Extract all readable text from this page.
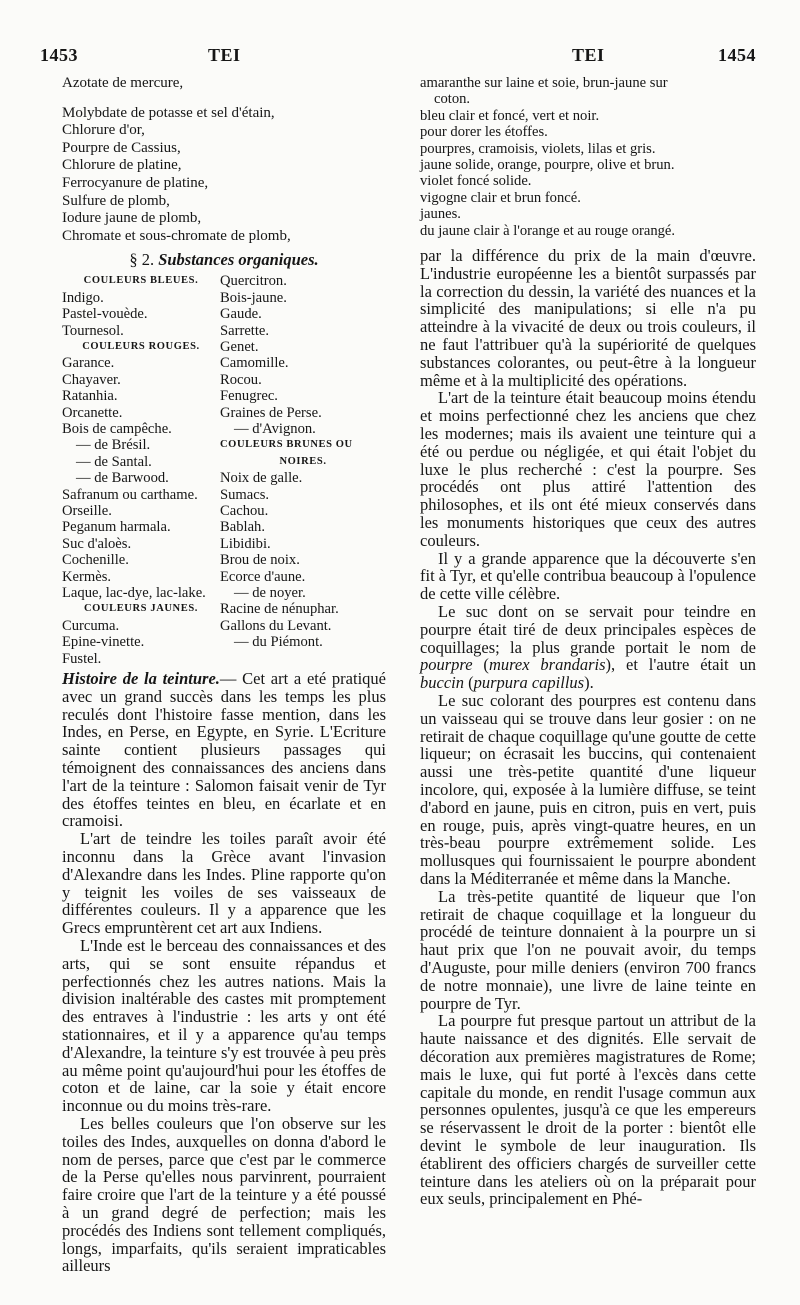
1453	TEI	TEI	1454
Azotate de mercure,
Molybdate de potasse et sel d'étain,
Chlorure d'or,
Pourpre de Cassius,
Chlorure de platine,
Ferrocyanure de platine,
Sulfure de plomb,
Iodure jaune de plomb,
Chromate et sous-chromate de plomb,
§ 2. Substances organiques.
COULEURS BLEUES.
Indigo.
Pastel-vouède.
Tournesol.
COULEURS ROUGES.
Garance.
Chayaver.
Ratanhia.
Orcanette.
Bois de campêche.
— de Brésil.
— de Santal.
— de Barwood.
Safranum ou carthame.
Orseille.
Peganum harmala.
Suc d'aloès.
Cochenille.
Kermès.
Laque, lac-dye, lac-lake.
COULEURS JAUNES.
Curcuma.
Epine-vinette.
Fustel.
Quercitron.
Bois-jaune.
Gaude.
Sarrette.
Genet.
Camomille.
Rocou.
Fenugrec.
Graines de Perse.
— d'Avignon.
COULEURS BRUNES OU
NOIRES.
Noix de galle.
Sumacs.
Cachou.
Bablah.
Libidibi.
Brou de noix.
Ecorce d'aune.
— de noyer.
Racine de nénuphar.
Gallons du Levant.
— du Piémont.

Histoire de la teinture.— Cet art a eté pratiqué avec un grand succès dans les temps les plus reculés dont l'histoire fasse mention, dans les Indes, en Perse, en Egypte, en Syrie. L'Ecriture sainte contient plusieurs passages qui témoignent des connaissances des anciens dans l'art de la teinture : Salomon faisait venir de Tyr des étoffes teintes en bleu, en écarlate et en cramoisi.

L'art de teindre les toiles paraît avoir été inconnu dans la Grèce avant l'invasion d'Alexandre dans les Indes. Pline rapporte qu'on y teignit les voiles de ses vaisseaux de différentes couleurs. Il y a apparence que les Grecs empruntèrent cet art aux Indiens.

L'Inde est le berceau des connaissances et des arts, qui se sont ensuite répandus et perfectionnés chez les autres nations. Mais la division inaltérable des castes mit promptement des entraves à l'industrie : les arts y ont été stationnaires, et il y a apparence qu'au temps d'Alexandre, la teinture s'y est trouvée à peu près au même point qu'aujourd'hui pour les étoffes de coton et de laine, car la soie y était encore inconnue ou du moins très-rare.

Les belles couleurs que l'on observe sur les toiles des Indes, auxquelles on donna d'abord le nom de perses, parce que c'est par le commerce de la Perse qu'elles nous parvinrent, pourraient faire croire que l'art de la teinture y a été poussé à un grand degré de perfection; mais les procédés des Indiens sont tellement compliqués, longs, imparfaits, qu'ils seraient impraticables ailleurs

amaranthe sur laine et soie, brun-jaune sur
coton.
bleu clair et foncé, vert et noir.
pour dorer les étoffes.
pourpres, cramoisis, violets, lilas et gris.
jaune solide, orange, pourpre, olive et brun.
violet foncé solide.
vigogne clair et brun foncé.
jaunes.
du jaune clair à l'orange et au rouge orangé.

par la différence du prix de la main d'œuvre. L'industrie européenne les a bientôt surpassés par la correction du dessin, la variété des nuances et la simplicité des manipulations; si elle n'a pu atteindre à la vivacité de deux ou trois couleurs, il ne faut l'attribuer qu'à la supériorité de quelques substances colorantes, ou peut-être à la longueur même et à la multiplicité des opérations.

L'art de la teinture était beaucoup moins étendu et moins perfectionné chez les anciens que chez les modernes; mais ils avaient une teinture qui a été ou perdue ou négligée, et qui était l'objet du luxe le plus recherché : c'est la pourpre. Ses procédés ont plus attiré l'attention des philosophes, et ils ont été mieux conservés dans les monuments historiques que ceux des autres couleurs.

Il y a grande apparence que la découverte s'en fit à Tyr, et qu'elle contribua beaucoup à l'opulence de cette ville célèbre.

Le suc dont on se servait pour teindre en pourpre était tiré de deux principales espèces de coquillages; la plus grande portait le nom de pourpre (murex brandaris), et l'autre était un buccin (purpura capillus).

Le suc colorant des pourpres est contenu dans un vaisseau qui se trouve dans leur gosier : on ne retirait de chaque coquillage qu'une goutte de cette liqueur; on écrasait les buccins, qui contenaient aussi une très-petite quantité d'une liqueur incolore, qui, exposée à la lumière diffuse, se teint d'abord en jaune, puis en citron, puis en vert, puis en rouge, puis, après vingt-quatre heures, en un très-beau pourpre extrêmement solide. Les mollusques qui fournissaient le pourpre abondent dans la Méditerranée et même dans la Manche.

La très-petite quantité de liqueur que l'on retirait de chaque coquillage et la longueur du procédé de teinture donnaient à la pourpre un si haut prix que l'on ne pouvait avoir, du temps d'Auguste, pour mille deniers (environ 700 francs de notre monnaie), une livre de laine teinte en pourpre de Tyr.

La pourpre fut presque partout un attribut de la haute naissance et des dignités. Elle servait de décoration aux premières magistratures de Rome; mais le luxe, qui fut porté à l'excès dans cette capitale du monde, en rendit l'usage commun aux personnes opulentes, jusqu'à ce que les empereurs se réservassent le droit de la porter : bientôt elle devint le symbole de leur inauguration. Ils établirent des officiers chargés de surveiller cette teinture dans les ateliers où on la préparait pour eux seuls, principalement en Phé-
